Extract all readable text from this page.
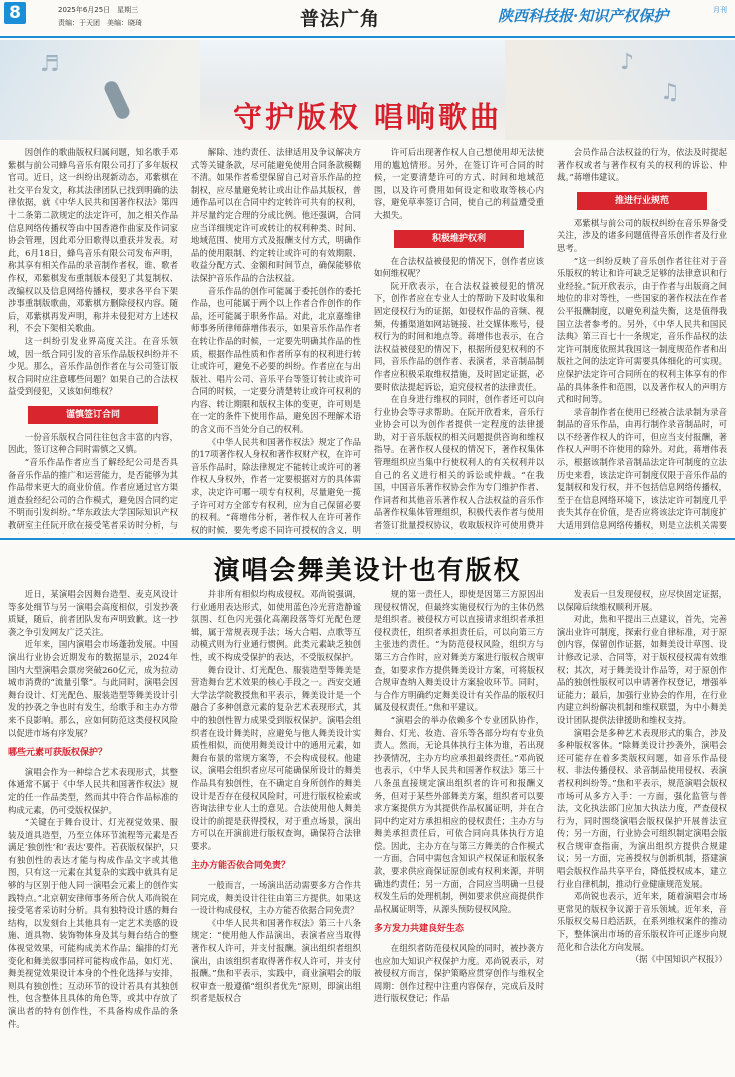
8	2025年6月25日　星期三
责编：于天团　美编：晓琦	普法广角	陕西科技报·知识产权保护	月刊
♪
♫
♬
守护版权 唱响歌曲

因创作的歌曲版权归属问题，知名歌手邓紫棋与前公司蜂鸟音乐有限公司打了多年版权官司。近日，这一纠纷出现新动态，邓紫棋在社交平台发文，称其法律团队已找到明确的法律依据，就《中华人民共和国著作权法》第四十二条第二款规定的法定许可，加之相关作品信息网络传播权等由中国香港作曲家及作词家协会管理，因此邓分旧歌得以重获并发表。对此，6月18日，蜂鸟音乐有限公司发布声明，称其享有相关作品的录音制作者权，谁、歌者作权，邓紫棋发布重制版本侵犯了其复制权、改编权以及信息网络传播权，要求各平台下架涉事重制版歌曲，邓紫棋方删除侵权内容。随后，邓紫棋再发声明，称并未侵犯对方上述权利，不会下架相关歌曲。

这一纠纷引发业界高度关注。在音乐领域，因一纸合同引发的音乐作品版权纠纷并不少见。那么，音乐作品创作者在与公司签订版权合同时应注意哪些问题？如果自己的合法权益受到侵犯，又该如何维权？

谨慎签订合同

一份音乐版权合同往往包含丰富的内容，因此，签订这种合同时需慎之又慎。

“音乐作品作者应当了解经纪公司是否具备音乐作品的推广和运营能力，是否能够为其作品带来更大的商业价值。作者应通过官方渠道查验经纪公司的合作模式，避免因合同约定不明而引发纠纷。”华东政法大学国际知识产权教研室主任阮开欣在接受笔者采访时分析，与

解除、违约责任、法律适用及争议解决方式等关键条款，尽可能避免使用合同条款模糊不清。如果作者希望保留自己对音乐作品的控制权，应尽量避免转让或出让作品其版权，普通作品可以在合同中约定转许可共有的权利，并尽量约定合理的分成比例。他还强调，合同应当详细规定许可或转让的权利种类、时间、地域范围、使用方式及报酬支付方式，明确作品的使用限制、约定转让或许可的有效期限、收益分配方式、金额和时间节点，确保能够依法保护音乐作品的合法权益。

音乐作品的创作可能属于委托创作的委托作品，也可能属于两个以上作者合作创作的作品，还可能属于职务作品。对此，北京嘉维律师事务所律师薛增伟表示，如果音乐作品作者在转让作品的时候，一定要先明确其作品的性质，根据作品性质和作者所享有的权利进行转让或许可，避免不必要的纠纷。作者应在与出版社、唱片公司、音乐平台等签订转让或许可合同的时候，一定要分清楚转让或许可权利的内容、转让期限和版权主体的变更，许可则是在一定的条件下使用作品，避免因不理解术语的含义而不当处分自己的权利。

《中华人民共和国著作权法》规定了作品的17项著作权人身权和著作权财产权，在许可音乐作品时，除法律规定不能转让或许可的著作权人身权外，作者一定要根据对方的具体需求，决定许可哪一项专有权利，尽量避免一揽子许可对方全部专有权利，应为自己保留必要的权利。“蒋增伟分析，著作权人在许可著作权的时候，要先考虑不同许可授权的含义，明

许可后出现著作权人自己想使用却无法使用的尴尬情形。另外，在签订许可合同的时候，一定要清楚许可的方式、时间和地域范围，以及许可费用如何设定和收取等核心内容，避免草率签订合同，使自己的利益遭受重大损失。

积极维护权利

在合法权益被侵犯的情况下，创作者应该如何维权呢？

阮开欣表示，在合法权益被侵犯的情况下，创作者应在专业人士的帮助下及时收集和固定侵权行为的证据，如侵权作品的音频、视频，传播渠道如网站链接、社交媒体账号，侵权行为的时间和地点等。蒋增伟也表示，在合法权益被侵犯的情况下，根据所侵犯权利的不同，音乐作品的创作者、表演者，录音制品制作者应积极采取维权措施，及时固定证据，必要时依法提起诉讼，追究侵权者的法律责任。

在自身进行维权的同时，创作者还可以向行业协会等寻求帮助。在阮开欣看来，音乐行业协会可以为创作者提供一定程度的法律援助，对于音乐版权的相关问题提供咨询和维权指导。在著作权人侵权的情况下，著作权集体管理组织应当集中行使权利人的有关权利并以自己的名义进行相关的诉讼或仲裁。“在我国，中国音乐著作权协会作为专门维护作者、作词者和其他音乐著作权人合法权益的音乐作品著作权集体管理组织，积极代表作者与使用者签订批量授权协议，收取版权许可使用费并

会员作品合法权益的行为，依法及时提起著作权或者与著作权有关的权利的诉讼、仲裁。”蒋增伟建议。

推进行业规范

邓紫棋与前公司的版权纠纷在音乐界备受关注，涉及的诸多问题值得音乐创作者及行业思考。

“这一纠纷反映了音乐创作者往往对于音乐版权的转让和许可缺乏足够的法律意识和行业经验。”阮开欣表示，由于作者与出版商之间地位的非对等性，一些国家的著作权法在作者公平报酬制度，以避免利益失衡，这是值得我国立法者参考的。另外，《中华人民共和国民法典》第三百七十一条规定，音乐作品权的法定许可制度依照其我国这一制度规范作者和出版社之间的法定许可需要具体细化的可实现。应保护法定许可合同所在的权利主体享有的作品的具体条件和范围，以及著作权人的声明方式和时间等。

录音制作者在使用已经被合法录制为录音制品的音乐作品，由再行制作录音制品时，可以不经著作权人的许可，但应当支付报酬，著作权人声明不许使用的除外。对此，蒋增伟表示，根据该制作录音制品法定许可制度的立法历史来看，该法定许可制度仅限于音乐作品的复制权和发行权，并不包括信息网络传播权，至于在信息网络环境下，该法定许可制度几乎丧失其存在价值，是否应将该法定许可制度扩大适用到信息网络传播权，则是立法机关需要

演唱会舞美设计也有版权

近日，某演唱会因舞台造型、麦克风设计等多处细节与另一演唱会高度相似，引发抄袭质疑，随后，前者团队发布声明致歉。这一抄袭之争引发网友广泛关注。

近年来，国内演唱会市场蓬勃发展。中国演出行业协会近期发布的数据显示，2024年国内大型演唱会票房突破260亿元，成为拉动城市消费的“流量引擎”。与此同时，演唱会因舞台设计、灯光配色、服装造型等舞美设计引发的抄袭之争也时有发生，给歌手和主办方带来不良影响。那么，应如何防范这类侵权风险以促进市场有序发展？

哪些元素可获版权保护？

演唱会作为一种综合艺术表现形式，其整体通常不属于《中华人民共和国著作权法》规定的任一作品类型，然而其中符合作品标准的构成元素，仍可受版权保护。

“关键在于舞台设计、灯光视觉效果、服装及道具造型，乃至立体环节流程等元素是否满足‘独创性’和‘表达’要件。若获版权保护，只有独创性的表达才能与构成作品文字或其他图，只有这一元素在其复杂的实践中就具有足够的与区别于他人同一演唱会元素上的创作实践特点。”北京朝安律师事务所合伙人邓尚锐在接受笔者采访时分析。具有独特设计感的舞台结构，以发刻台上其他具有一定艺术美感的设施、道具物、装饰物体身及其与舞台结合的整体视觉效果，可能构成美术作品；编排的灯光变化和舞美叙事同样可能构成作品，如灯光、舞美视觉效果设计本身的个性化选择与安排，则具有独创性；互动环节的设计若具有其独创性，包含整体且具体的角色等，或其中存放了演出者的特有创作性，不具备构成作品的条件。

并非所有相似均构成侵权。邓尚锐强调，行业通用表达形式，如使用蓝色冷光营造静谧氛围、红色闪光强化高潮段落等灯光配色逻辑，属于常规表现手法；场大合唱、点歌等互动模式则为行业通行惯例。此类元素缺乏独创性，或不构成受保护的表达，不受版权保护。

舞台设计、灯光配色、服装造型等舞美是营造舞台艺术效果的核心手段之一。西安交通大学法学院教授焦和平表示，舞美设计是一个融合了多种创意元素的复杂艺术表现形式，其中的独创性智力成果受到版权保护。演唱会组织者在设计舞美时，应避免与他人舞美设计实质性相似，而使用舞美设计中的通用元素，如舞台布景的常规方案等，不会构成侵权。他建议，演唱会组织者应尽可能确保所设计的舞美作品具有独创性，在不确定自身所创作的舞美设计是否存在侵权风险时，可进行版权检索或咨询法律专业人士的意见。合法使用他人舞美设计的前提是获得授权，对于重点场景，演出方可以在开演前进行版权查询，确保符合法律要求。

主办方能否依合同免责？

一般而言，一场演出活动需要多方合作共同完成，舞美设计往往由第三方提供。如果这一设计构成侵权，主办方能否依据合同免责？

《中华人民共和国著作权法》第三十八条规定：“使用他人作品演出，表演者应当取得著作权人许可，并支付报酬。演出组织者组织演出，由该组织者取得著作权人许可，并支付报酬。”焦和平表示，实践中，商业演唱会的版权审查一般遵循“组织者优先”原则，即演出组织者是版权合

规的第一责任人，即使是因第三方原因出现侵权情况，但最终实施侵权行为的主体仍然是组织者。被侵权方可以直接请求组织者承担侵权责任，组织者承担责任后，可以向第三方主张违约责任。“为防范侵权风险，组织方与第三方合作时，应对舞美方案进行版权合规审查，如要求作方提供舞美设计方案，可将版权合规审查纳入舞美设计方案验收环节。同时，与合作方明确约定舞美设计有关作品的版权归属及侵权责任。”焦和平建议。

“演唱会的举办依赖多个专业团队协作，舞台、灯光、妆造、音乐等各部分均有专业负责人。然而，无论具体执行主体为谁，若出现抄袭情况，主办方均应承担最终责任。”邓尚锐也表示，《中华人民共和国著作权法》第三十八条虽直接规定演出组织者的许可和报酬义务，但对于某些外部舞美方案，组织者可以要求方案提供方为其提供作品权属证明，并在合同中约定对方承担相应的侵权责任；主办方与舞美承担责任后，可依合同向具体执行方追偿。因此，主办方在与第三方舞美的合作模式一方面，合同中需包含知识产权保证和版权条款，要求供应商保证原创或有权利来源，并明确违约责任；另一方面，合同应当明确一旦侵权发生后的处理机制，例如要求供应商提供作品权属证明等，从源头预防侵权风险。

多方发力共建良好生态

在组织者防范侵权风险的同时，被抄袭方也应加大知识产权保护力度。邓尚锐表示，对被侵权方而言，保护策略应贯穿创作与维权全周期：创作过程中注重内容保存，完成后及时进行版权登记；作品

发表后一旦发现侵权，应尽快固定证据，以保障后续维权顺利开展。

对此，焦和平提出三点建议，首先，完善演出业许可制度，探索行业自律标准，对于原创内容，保留创作证据，如舞美设计草图、设计修改记录、合同等，对于版权侵权需有效维权；其次，对于舞美设计作品等，对于原创作品的独创性版权可以申请著作权登记，增强举证能力；最后，加强行业协会的作用，在行业内建立纠纷解决机制和维权联盟，为中小舞美设计团队提供法律援助和维权支持。

演唱会是多种艺术表现形式的集合，涉及多种版权客体。“除舞美设计抄袭外，演唱会还可能存在着多类版权问题，如音乐作品侵权、非法传播侵权、录音制品使用侵权、表演者权利纠纷等。”焦和平表示，规范演唱会版权市场可从多方入手：一方面，强化监管与普法，文化执法部门应加大执法力度，严查侵权行为，同时围绕演唱会版权保护开展普法宣传；另一方面，行业协会可组织制定演唱会版权合规审查指南，为演出组织方提供合规建议；另一方面，完善授权与创新机制，搭建演唱会版权作品共享平台，降低授权成本，建立行业自律机制，推动行业健康规范发展。

邓尚锐也表示，近年来，随着演唱会市场更常见的版权争议源于音乐领域。近年来，音乐版权交易日趋活跃，在系列维权案件的推动下，整体演出市场的音乐版权许可正逐步向规范化和合法化方向发展。

（据《中国知识产权报》）
